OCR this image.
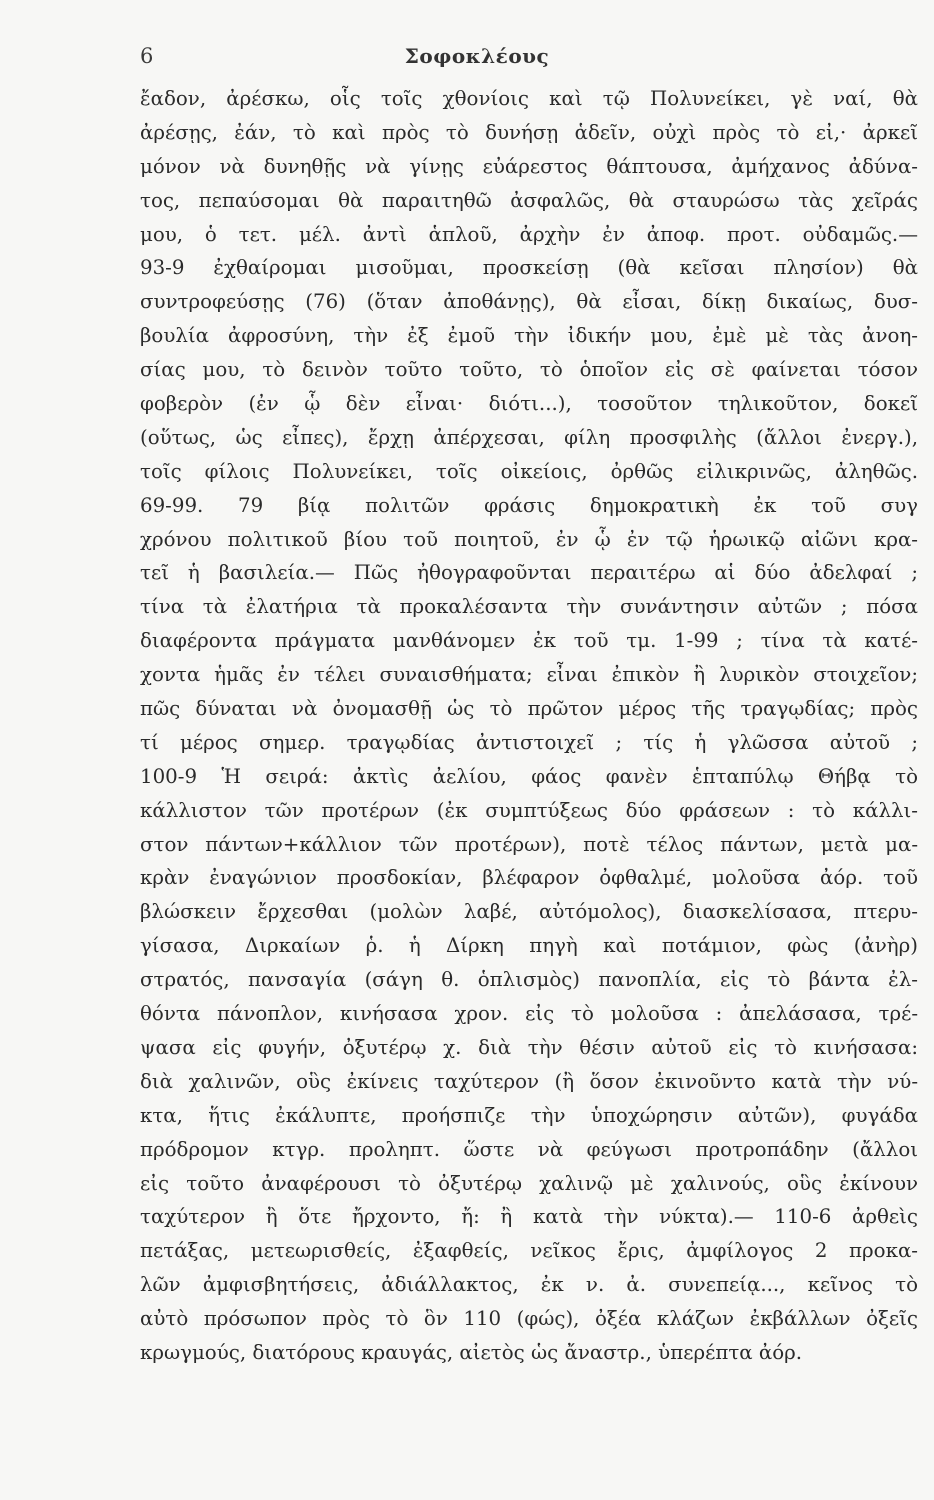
6	Σοφοκλέους
ἔαδον, ἀρέσκω, οἷς τοῖς χθονίοις καὶ τῷ Πολυνείκει, γὲ ναί, θὰ
ἀρέσῃς, ἐάν, τὸ καὶ πρὸς τὸ δυνήσῃ ἁδεῖν, οὐχὶ πρὸς τὸ εἰ,· ἀρκεῖ
μόνον νὰ δυνηθῇς νὰ γίνῃς εὐάρεστος θάπτουσα, ἀμήχανος ἀδύνα-
τος, πεπαύσομαι θὰ παραιτηθῶ ἀσφαλῶς, θὰ σταυρώσω τὰς χεῖράς
μου, ὁ τετ. μέλ. ἀντὶ ἁπλοῦ, ἀρχὴν ἐν ἀποφ. προτ. οὐδαμῶς.—
93-9 ἐχθαίρομαι μισοῦμαι, προσκείσῃ (θὰ κεῖσαι πλησίον) θὰ
συντροφεύσῃς (76) (ὅταν ἀποθάνῃς), θὰ εἶσαι, δίκῃ δικαίως, δυσ-
βουλία ἀφροσύνη, τὴν ἐξ ἐμοῦ τὴν ἰδικήν μου, ἐμὲ μὲ τὰς ἀνοη-
σίας μου, τὸ δεινὸν τοῦτο τοῦτο, τὸ ὁποῖον εἰς σὲ φαίνεται τόσον
φοβερὸν (ἐν ᾧ δὲν εἶναι· διότι...), τοσοῦτον τηλικοῦτον, δοκεῖ
(οὕτως, ὡς εἶπες), ἔρχῃ ἀπέρχεσαι, φίλη προσφιλὴς (ἄλλοι ἐνεργ.),
τοῖς φίλοις Πολυνείκει, τοῖς οἰκείοις, ὀρθῶς εἰλικρινῶς, ἀληθῶς.
69-99. 79 βίᾳ πολιτῶν φράσις δημοκρατικὴ ἐκ τοῦ συγ
χρόνου πολιτικοῦ βίου τοῦ ποιητοῦ, ἐν ᾧ ἐν τῷ ἡρωικῷ αἰῶνι κρα-
τεῖ ἡ βασιλεία.— Πῶς ἠθογραφοῦνται περαιτέρω αἱ δύο ἀδελφαί ;
τίνα τὰ ἐλατήρια τὰ προκαλέσαντα τὴν συνάντησιν αὐτῶν ; πόσα
διαφέροντα πράγματα μανθάνομεν ἐκ τοῦ τμ. 1-99 ; τίνα τὰ κατέ-
χοντα ἡμᾶς ἐν τέλει συναισθήματα; εἶναι ἐπικὸν ἢ λυρικὸν στοιχεῖον;
πῶς δύναται νὰ ὀνομασθῇ ὡς τὸ πρῶτον μέρος τῆς τραγῳδίας; πρὸς
τί μέρος σημερ. τραγῳδίας ἀντιστοιχεῖ ; τίς ἡ γλῶσσα αὐτοῦ ;
100-9 Ἡ σειρά: ἀκτὶς ἀελίου, φάος φανὲν ἑπταπύλῳ Θήβᾳ τὸ
κάλλιστον τῶν προτέρων (ἐκ συμπτύξεως δύο φράσεων : τὸ κάλλι-
στον πάντων+κάλλιον τῶν προτέρων), ποτὲ τέλος πάντων, μετὰ μα-
κρὰν ἐναγώνιον προσδοκίαν, βλέφαρον ὀφθαλμέ, μολοῦσα ἀόρ. τοῦ
βλώσκειν ἔρχεσθαι (μολὼν λαβέ, αὐτόμολος), διασκελίσασα, πτερυ-
γίσασα, Διρκαίων ῥ. ἡ Δίρκη πηγὴ καὶ ποτάμιον, φὼς (ἀνὴρ)
στρατός, πανσαγία (σάγη θ. ὁπλισμὸς) πανοπλία, εἰς τὸ βάντα ἐλ-
θόντα πάνοπλον, κινήσασα χρον. εἰς τὸ μολοῦσα : ἀπελάσασα, τρέ-
ψασα εἰς φυγήν, ὀξυτέρῳ χ. διὰ τὴν θέσιν αὐτοῦ εἰς τὸ κινήσασα:
διὰ χαλινῶν, οὓς ἐκίνεις ταχύτερον (ἢ ὅσον ἐκινοῦντο κατὰ τὴν νύ-
κτα, ἥτις ἐκάλυπτε, προήσπιζε τὴν ὑποχώρησιν αὐτῶν), φυγάδα
πρόδρομον κτγρ. προληπτ. ὥστε νὰ φεύγωσι προτροπάδην (ἄλλοι
εἰς τοῦτο ἀναφέρουσι τὸ ὀξυτέρῳ χαλινῷ μὲ χαλινούς, οὓς ἐκίνουν
ταχύτερον ἢ ὅτε ἤρχοντο, ἤ: ἢ κατὰ τὴν νύκτα).— 110-6 ἀρθεὶς
πετάξας, μετεωρισθείς, ἐξαφθείς, νεῖκος ἔρις, ἀμφίλογος 2 προκα-
λῶν ἀμφισβητήσεις, ἀδιάλλακτος, ἐκ ν. ἀ. συνεπείᾳ..., κεῖνος τὸ
αὐτὸ πρόσωπον πρὸς τὸ ὃν 110 (φώς), ὀξέα κλάζων ἐκβάλλων ὀξεῖς
κρωγμούς, διατόρους κραυγάς, αἰετὸς ὡς ἄναστρ., ὑπερέπτα ἀόρ.
